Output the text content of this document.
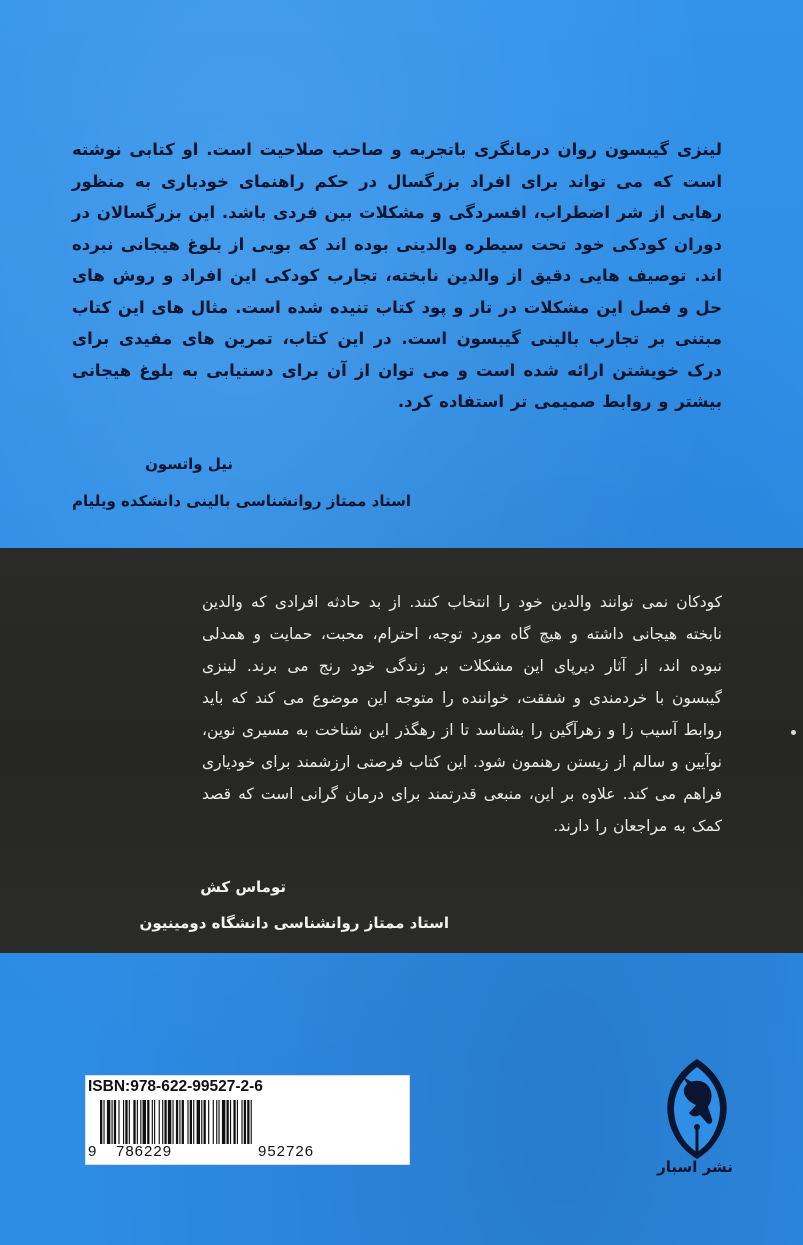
لینزی گیبسون روان درمانگری باتجربه و صاحب صلاحیت است. او کتابی نوشته است که می تواند برای افراد بزرگسال در حکم راهنمای خودیاری به منظور رهایی از شر اضطراب، افسردگی و مشکلات بین فردی باشد. این بزرگسالان در دوران کودکی خود تحت سیطره والدینی بوده اند که بویی از بلوغ هیجانی نبرده اند. توصیف هایی دقیق از والدین نابخته، تجارب کودکی این افراد و روش های حل و فصل این مشکلات در تار و پود کتاب تنیده شده است. مثال های این کتاب مبتنی بر تجارب بالینی گیبسون است. در این کتاب، تمرین های مفیدی برای درک خویشتن ارائه شده است و می توان از آن برای دستیابی به بلوغ هیجانی بیشتر و روابط صمیمی تر استفاده کرد.
نیل واتسون
استاد ممتاز روانشناسی بالینی دانشکده ویلیام
کودکان نمی توانند والدین خود را انتخاب کنند. از بد حادثه افرادی که والدین نابخته هیجانی داشته و هیچ گاه مورد توجه، احترام، محبت، حمایت و همدلی نبوده اند، از آثار دیرپای این مشکلات بر زندگی خود رنج می برند. لینزی گیبسون با خردمندی و شفقت، خواننده را متوجه این موضوع می کند که باید روابط آسیب زا و زهرآگین را بشناسد تا از رهگذر این شناخت به مسیری نوین، نوآیین و سالم از زیستن رهنمون شود. این کتاب فرصتی ارزشمند برای خودیاری فراهم می کند. علاوه بر این، منبعی قدرتمند برای درمان گرانی است که قصد کمک به مراجعان را دارند.
توماس کش
استاد ممتاز روانشناسی دانشگاه دومینیون
ISBN:978-622-99527-2-6
9 786229	952726
نشر اسبار
